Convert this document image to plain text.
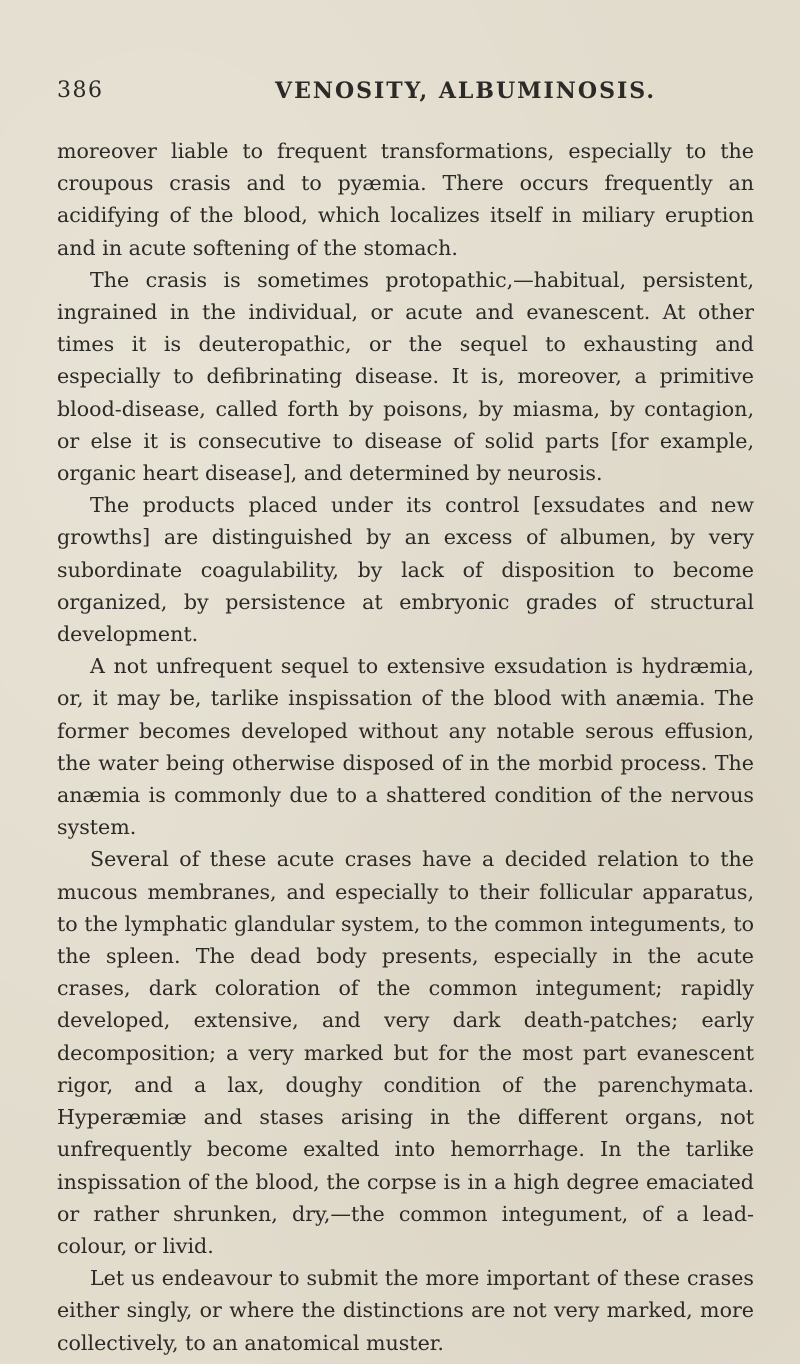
386	VENOSITY, ALBUMINOSIS.

moreover liable to frequent transformations, especially to the croupous crasis and to pyæmia. There occurs frequently an acidifying of the blood, which localizes itself in miliary eruption and in acute softening of the stomach.

The crasis is sometimes protopathic,—habitual, persistent, ingrained in the individual, or acute and evanescent. At other times it is deuteropathic, or the sequel to exhausting and especially to defibrinating disease. It is, moreover, a primitive blood-disease, called forth by poisons, by miasma, by contagion, or else it is consecutive to disease of solid parts [for example, organic heart disease], and determined by neurosis.

The products placed under its control [exsudates and new growths] are distinguished by an excess of albumen, by very subordinate coagulability, by lack of disposition to become organized, by persistence at embryonic grades of structural development.

A not unfrequent sequel to extensive exsudation is hydræmia, or, it may be, tarlike inspissation of the blood with anæmia. The former becomes developed without any notable serous effusion, the water being otherwise disposed of in the morbid process. The anæmia is commonly due to a shattered condition of the nervous system.

Several of these acute crases have a decided relation to the mucous membranes, and especially to their follicular apparatus, to the lymphatic glandular system, to the common integuments, to the spleen. The dead body presents, especially in the acute crases, dark coloration of the common integument; rapidly developed, extensive, and very dark death-patches; early decomposition; a very marked but for the most part evanescent rigor, and a lax, doughy condition of the parenchymata. Hyperæmiæ and stases arising in the different organs, not unfrequently become exalted into hemorrhage. In the tarlike inspissation of the blood, the corpse is in a high degree emaciated or rather shrunken, dry,—the common integument, of a lead-colour, or livid.

Let us endeavour to submit the more important of these crases either singly, or where the distinctions are not very marked, more collectively, to an anatomical muster.
